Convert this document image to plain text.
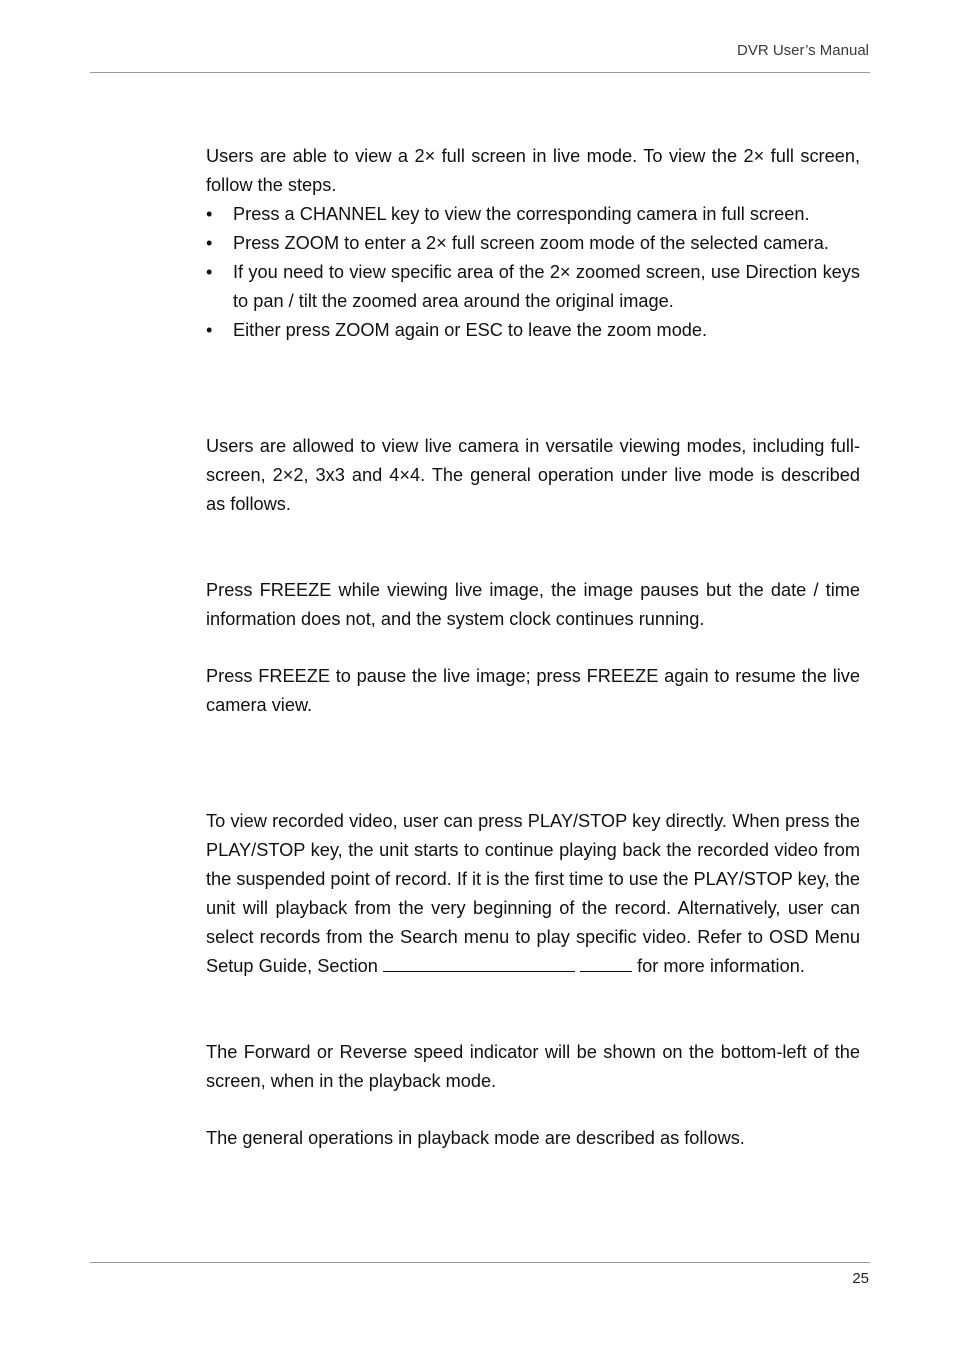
DVR User’s Manual

Users are able to view a 2× full screen in live mode. To view the 2× full screen, follow the steps.

• Press a CHANNEL key to view the corresponding camera in full screen.
• Press ZOOM to enter a 2× full screen zoom mode of the selected camera.
• If you need to view specific area of the 2× zoomed screen, use Direction keys to pan / tilt the zoomed area around the original image.
• Either press ZOOM again or ESC to leave the zoom mode.

Users are allowed to view live camera in versatile viewing modes, including full-screen, 2×2, 3x3 and 4×4. The general operation under live mode is described as follows.

Press FREEZE while viewing live image, the image pauses but the date / time information does not, and the system clock continues running.

Press FREEZE to pause the live image; press FREEZE again to resume the live camera view.

To view recorded video, user can press PLAY/STOP key directly. When press the PLAY/STOP key, the unit starts to continue playing back the recorded video from the suspended point of record. If it is the first time to use the PLAY/STOP key, the unit will playback from the very beginning of the record. Alternatively, user can select records from the Search menu to play specific video. Refer to OSD Menu Setup Guide, Section	for more information.

The Forward or Reverse speed indicator will be shown on the bottom-left of the screen, when in the playback mode.

The general operations in playback mode are described as follows.

25
